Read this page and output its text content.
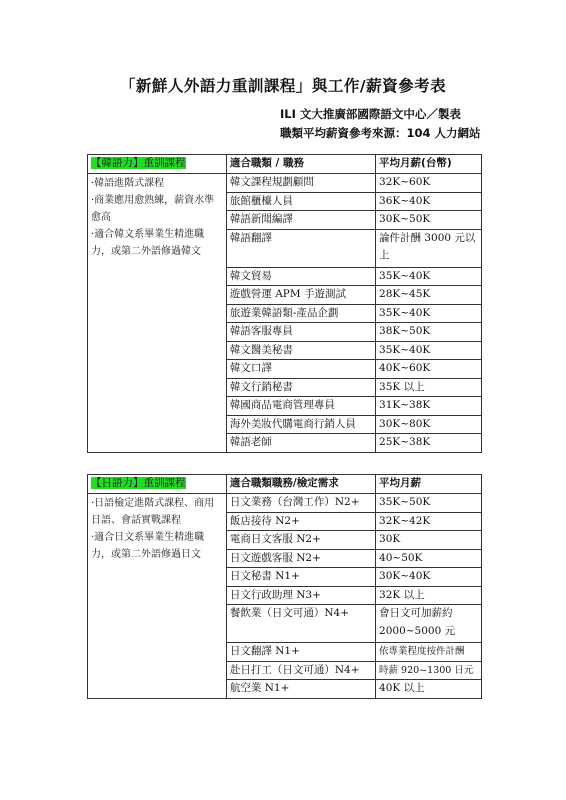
「新鮮人外語力重訓課程」與工作/薪資參考表
ILI 文大推廣部國際語文中心／製表
職類平均薪資參考來源：104 人力網站
【韓語力】重訓課程	適合職類 / 職務	平均月薪(台幣)

·韓語進階式課程
·商業應用愈熟練，薪資水準愈高
·適合韓文系畢業生精進職力，或第二外語修過韓文	韓文課程規劃顧問	32K~60K
	旅館櫃檯人員	36K~40K
	韓語新聞編譯	30K~50K
	韓語翻譯	論件計酬 3000 元以上
	韓文貿易	35K~40K
	遊戲營運 APM 手遊測試	28K~45K
	旅遊業韓語類-產品企劃	35K~40K
	韓語客服專員	38K~50K
	韓文醫美秘書	35K~40K
	韓文口譯	40K~60K
	韓文行銷秘書	35K 以上
	韓國商品電商管理專員	31K~38K
	海外美妝代購電商行銷人員	30K~80K
	韓語老師	25K~38K
【日語力】重訓課程	適合職類職務/檢定需求	平均月薪

·日語檢定進階式課程、商用日語、會話實戰課程
·適合日文系畢業生精進職力，或第二外語修過日文	日文業務（台灣工作）N2+	35K~50K
	飯店接待 N2+	32K~42K
	電商日文客服 N2+	30K
	日文遊戲客服 N2+	40~50K
	日文秘書 N1+	30K~40K
	日文行政助理 N3+	32K 以上
	餐飲業（日文可通）N4+	會日文可加薪約 2000~5000 元
	日文翻譯 N1+	依專業程度按件計酬
	赴日打工（日文可通）N4+	時薪 920~1300 日元
	航空業 N1+	40K 以上
